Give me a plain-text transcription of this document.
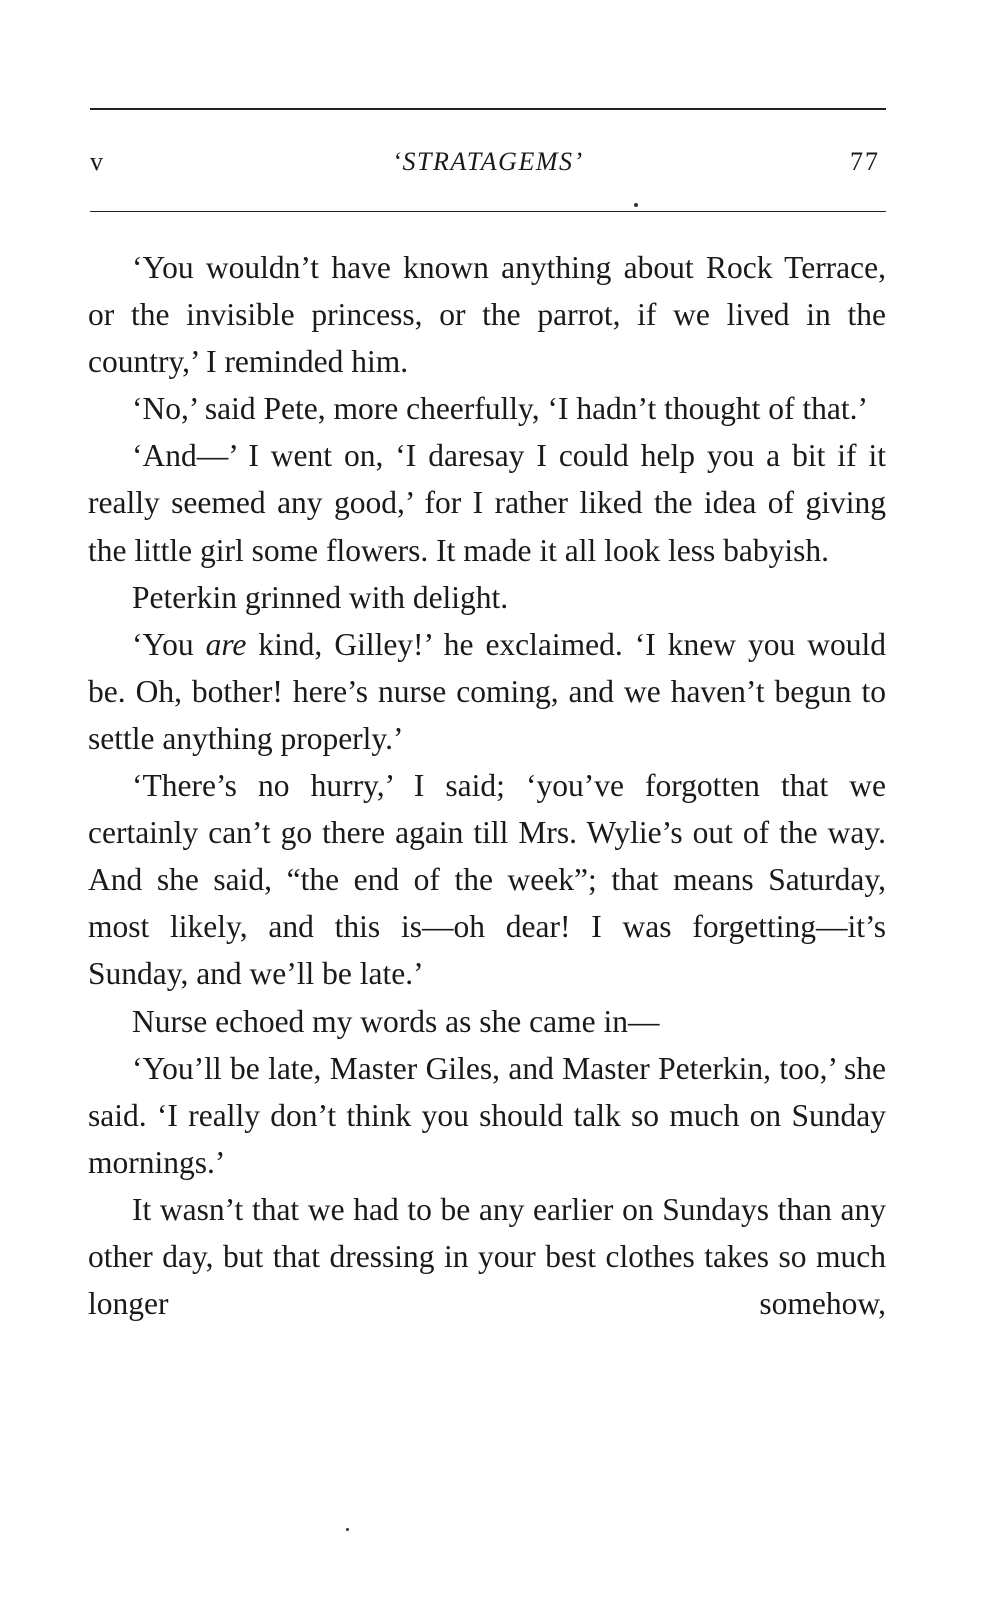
v	‘STRATAGEMS’	77

‘You wouldn’t have known anything about Rock Terrace, or the invisible princess, or the parrot, if we lived in the country,’ I reminded him.

‘No,’ said Pete, more cheerfully, ‘I hadn’t thought of that.’

‘And—’ I went on, ‘I daresay I could help you a bit if it really seemed any good,’ for I rather liked the idea of giving the little girl some flowers. It made it all look less babyish.

Peterkin grinned with delight.

‘You are kind, Gilley!’ he exclaimed. ‘I knew you would be. Oh, bother! here’s nurse coming, and we haven’t begun to settle anything properly.’

‘There’s no hurry,’ I said; ‘you’ve forgotten that we certainly can’t go there again till Mrs. Wylie’s out of the way. And she said, “the end of the week”; that means Saturday, most likely, and this is—oh dear! I was forgetting—it’s Sunday, and we’ll be late.’

Nurse echoed my words as she came in—

‘You’ll be late, Master Giles, and Master Peterkin, too,’ she said. ‘I really don’t think you should talk so much on Sunday mornings.’

It wasn’t that we had to be any earlier on Sundays than any other day, but that dressing in your best clothes takes so much longer somehow,
